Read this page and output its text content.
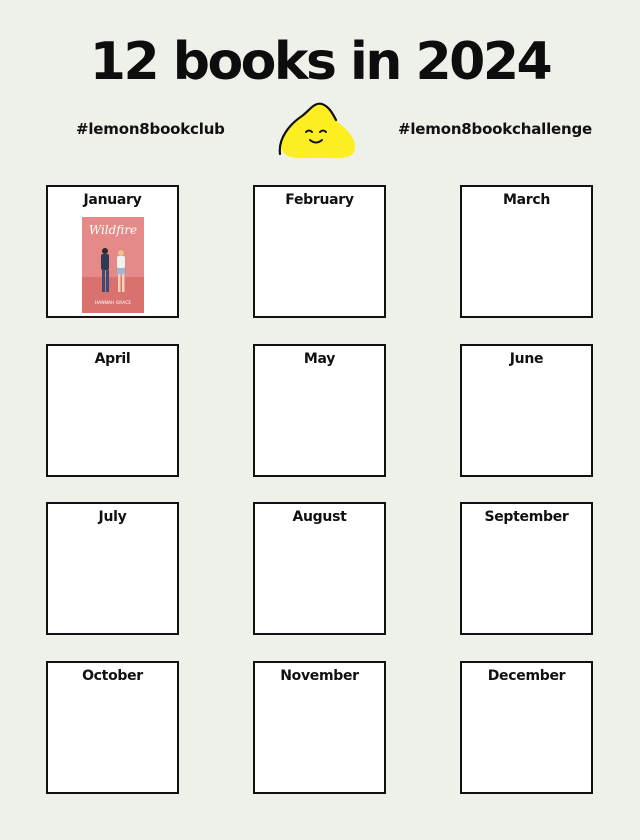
12 books in 2024
#lemon8bookclub	#lemon8bookchallenge
January
Wildfire
HANNAH GRACE
February	March
April	May	June
July	August	September
October	November	December
